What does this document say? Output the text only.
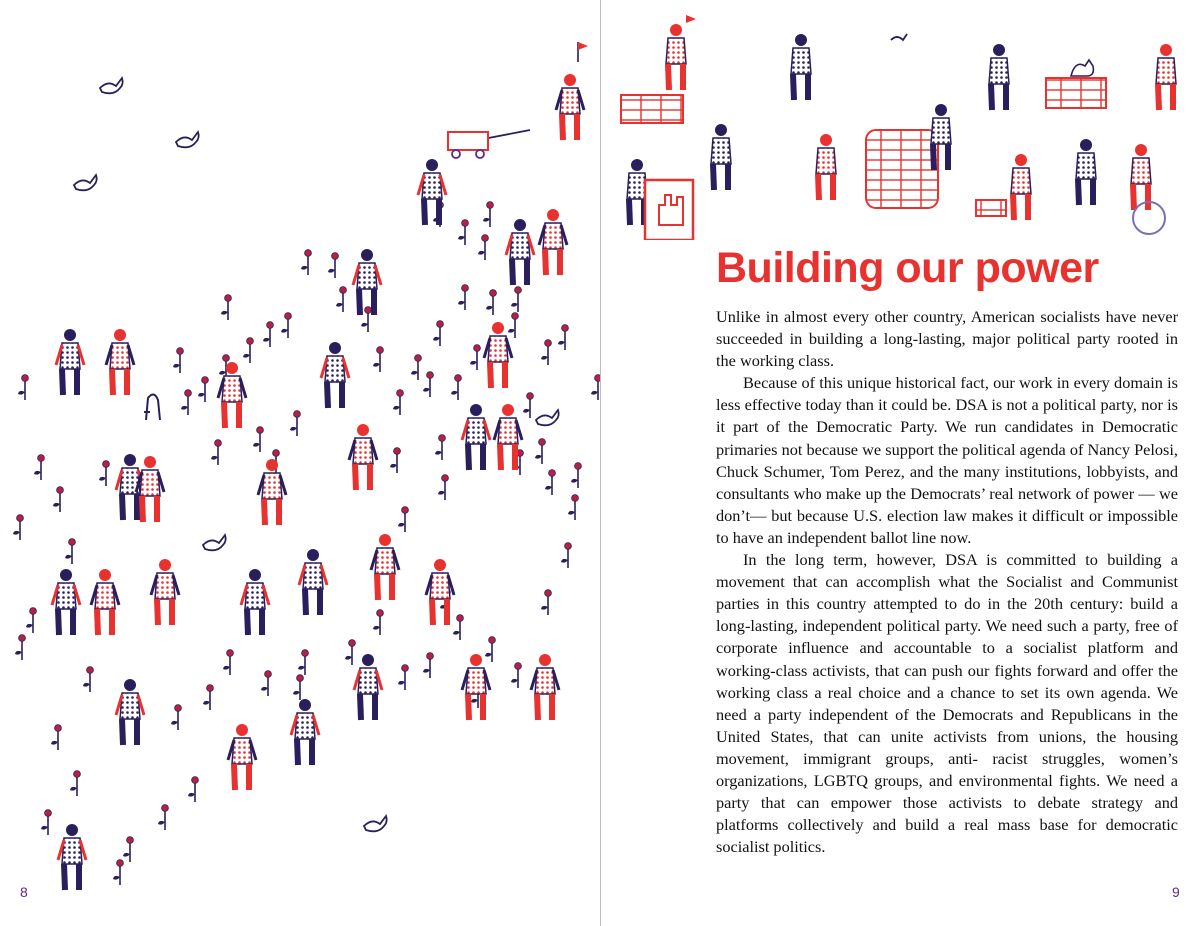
8
Building our power

Unlike in almost every other country, American socialists have never succeeded in building a long-lasting, major political party rooted in the working class.

Because of this unique historical fact, our work in every domain is less effective today than it could be. DSA is not a political party, nor is it part of the Democratic Party. We run candidates in Democratic primaries not because we support the political agenda of Nancy Pelosi, Chuck Schumer, Tom Perez, and the many institutions, lobbyists, and consultants who make up the Democrats’ real network of power — we don’t— but because U.S. election law makes it difficult or impossible to have an independent ballot line now.

In the long term, however, DSA is committed to building a movement that can accomplish what the Socialist and Communist parties in this country attempted to do in the 20th century: build a long-lasting, independent political party. We need such a party, free of corporate influence and accountable to a socialist platform and working-class activists, that can push our fights forward and offer the working class a real choice and a chance to set its own agenda. We need a party independent of the Democrats and Republicans in the United States, that can unite activists from unions, the housing movement, immigrant groups, anti- racist struggles, women’s organizations, LGBTQ groups, and environmental fights. We need a party that can empower those activists to debate strategy and platforms collectively and build a real mass base for democratic socialist politics.

9
